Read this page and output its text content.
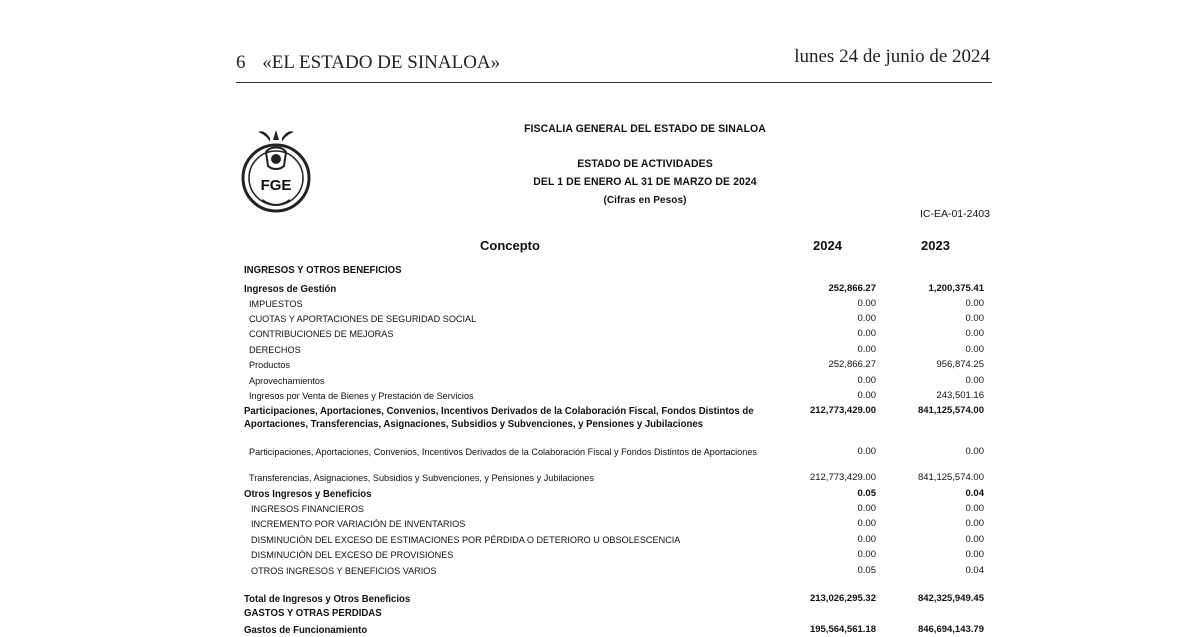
6 «EL ESTADO DE SINALOA»	lunes 24 de junio de 2024
FGE
FISCALIA GENERAL DEL ESTADO DE SINALOA
ESTADO DE ACTIVIDADES
DEL 1 DE ENERO AL 31 DE MARZO DE 2024
(Cifras en Pesos)
IC-EA-01-2403
Concepto	2024	2023
INGRESOS Y OTROS BENEFICIOS
Ingresos de Gestión	252,866.27	1,200,375.41
IMPUESTOS	0.00	0.00
CUOTAS Y APORTACIONES DE SEGURIDAD SOCIAL	0.00	0.00
CONTRIBUCIONES DE MEJORAS	0.00	0.00
DERECHOS	0.00	0.00
Productos	252,866.27	956,874.25
Aprovechamientos	0.00	0.00
Ingresos por Venta de Bienes y Prestación de Servicios	0.00	243,501.16
Participaciones, Aportaciones, Convenios, Incentivos Derivados de la Colaboración Fiscal, Fondos Distintos de Aportaciones, Transferencias, Asignaciones, Subsidios y Subvenciones, y Pensiones y Jubilaciones
212,773,429.00	841,125,574.00
Participaciones, Aportaciones, Convenios, Incentivos Derivados de la Colaboración Fiscal y Fondos Distintos de Aportaciones	0.00	0.00
Transferencias, Asignaciones, Subsidios y Subvenciones, y Pensiones y Jubilaciones	212,773,429.00	841,125,574.00
Otros Ingresos y Beneficios	0.05	0.04
INGRESOS FINANCIEROS	0.00	0.00
INCREMENTO POR VARIACIÓN DE INVENTARIOS	0.00	0.00
DISMINUCIÓN DEL EXCESO DE ESTIMACIONES POR PÉRDIDA O DETERIORO U OBSOLESCENCIA	0.00	0.00
DISMINUCIÓN DEL EXCESO DE PROVISIONES	0.00	0.00
OTROS INGRESOS Y BENEFICIOS VARIOS	0.05	0.04
Total de Ingresos y Otros Beneficios	213,026,295.32	842,325,949.45
GASTOS Y OTRAS PERDIDAS
Gastos de Funcionamiento	195,564,561.18	846,694,143.79
